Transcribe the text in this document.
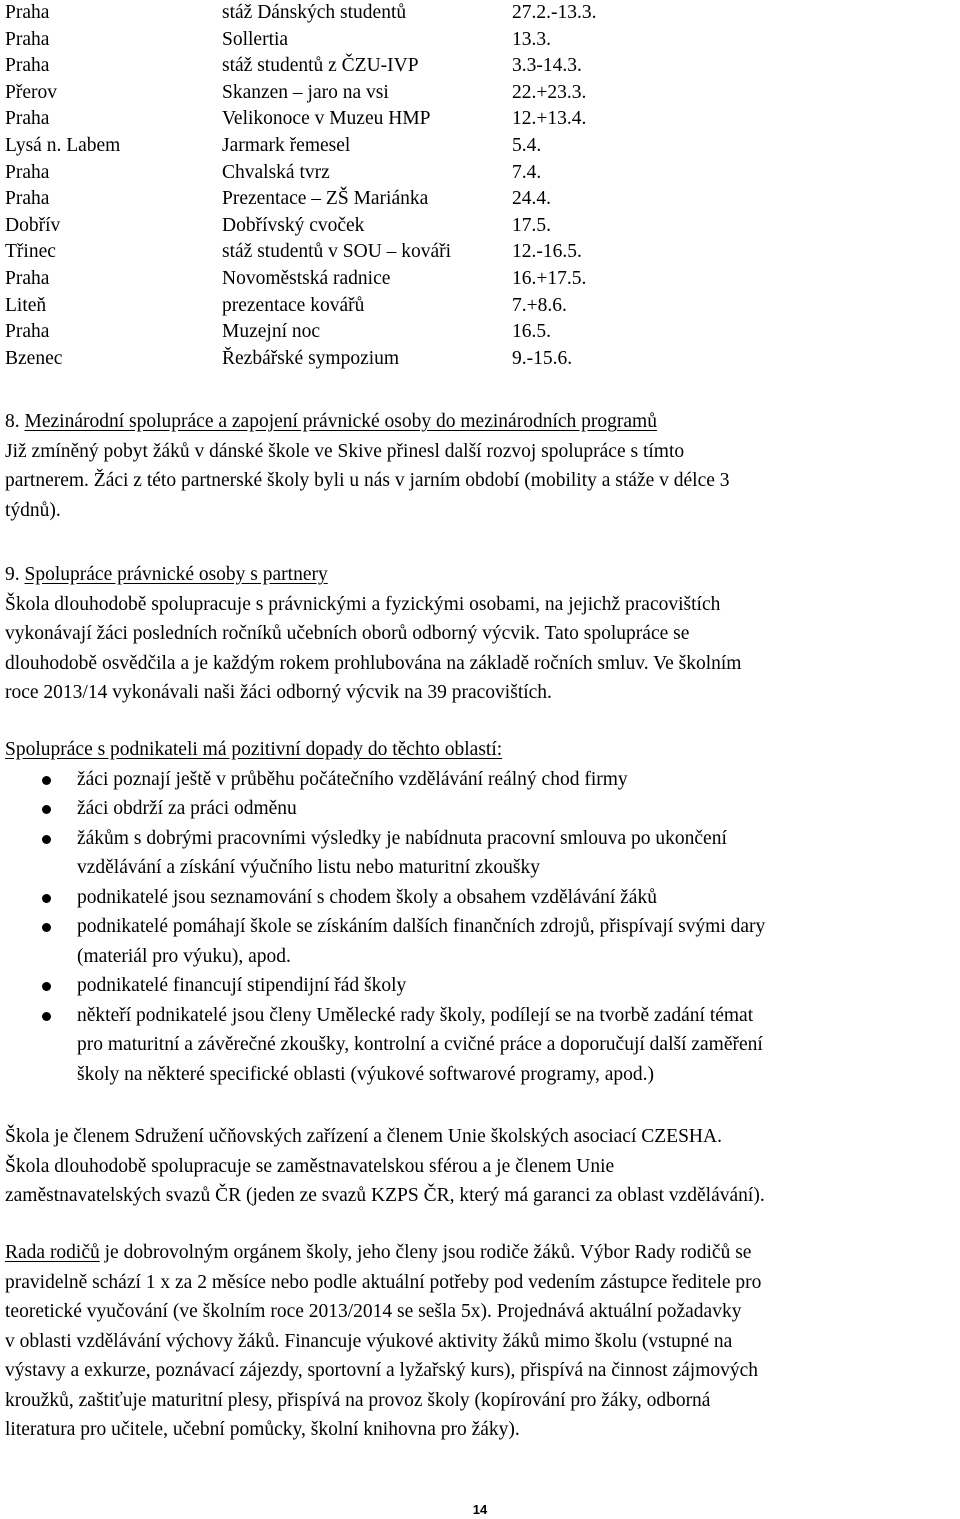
Praha	stáž Dánských studentů	27.2.-13.3.
Praha	Sollertia	13.3.
Praha	stáž studentů z ČZU-IVP	3.3-14.3.
Přerov	Skanzen – jaro na vsi	22.+23.3.
Praha	Velikonoce v Muzeu HMP	12.+13.4.
Lysá n. Labem	Jarmark řemesel	5.4.
Praha	Chvalská tvrz	7.4.
Praha	Prezentace – ZŠ Mariánka	24.4.
Dobřív	Dobřívský cvoček	17.5.
Třinec	stáž studentů v SOU – kováři	12.-16.5.
Praha	Novoměstská radnice	16.+17.5.
Liteň	prezentace kovářů	7.+8.6.
Praha	Muzejní noc	16.5.
Bzenec	Řezbářské sympozium	9.-15.6.

8. Mezinárodní spolupráce a zapojení právnické osoby do mezinárodních programů

Již zmíněný pobyt žáků v dánské škole ve Skive přinesl další rozvoj spolupráce s tímto

partnerem. Žáci z této partnerské školy byli u nás v jarním období (mobility a stáže v délce 3

týdnů).

9. Spolupráce právnické osoby s partnery

Škola dlouhodobě spolupracuje s právnickými a fyzickými osobami, na jejichž pracovištích

vykonávají žáci posledních ročníků učebních oborů odborný výcvik. Tato spolupráce se

dlouhodobě osvědčila a je každým rokem prohlubována na základě ročních smluv. Ve školním

roce 2013/14 vykonávali naši žáci odborný výcvik na 39 pracovištích.

Spolupráce s podnikateli má pozitivní dopady do těchto oblastí:

žáci poznají ještě v průběhu počátečního vzdělávání reálný chod firmy
žáci obdrží za práci odměnu
žákům s dobrými pracovními výsledky je nabídnuta pracovní smlouva po ukončení
vzdělávání a získání výučního listu nebo maturitní zkoušky
podnikatelé jsou seznamování s chodem školy a obsahem vzdělávání žáků
podnikatelé pomáhají škole se získáním dalších finančních zdrojů, přispívají svými dary
(materiál pro výuku), apod.
podnikatelé financují stipendijní řád školy
někteří podnikatelé jsou členy Umělecké rady školy, podílejí se na tvorbě zadání témat
pro maturitní a závěrečné zkoušky, kontrolní a cvičné práce a doporučují další zaměření
školy na některé specifické oblasti (výukové softwarové programy, apod.)

Škola je členem Sdružení učňovských zařízení a členem Unie školských asociací CZESHA.

Škola dlouhodobě spolupracuje se zaměstnavatelskou sférou a je členem Unie

zaměstnavatelských svazů ČR (jeden ze svazů KZPS ČR, který má garanci za oblast vzdělávání).

Rada rodičů je dobrovolným orgánem školy, jeho členy jsou rodiče žáků. Výbor Rady rodičů se

pravidelně schází 1 x za 2 měsíce nebo podle aktuální potřeby pod vedením zástupce ředitele pro

teoretické vyučování (ve školním roce 2013/2014 se sešla 5x). Projednává aktuální požadavky

v oblasti vzdělávání výchovy žáků. Financuje výukové aktivity žáků mimo školu (vstupné na

výstavy a exkurze, poznávací zájezdy, sportovní a lyžařský kurs), přispívá na činnost zájmových

kroužků, zaštiťuje maturitní plesy, přispívá na provoz školy (kopírování pro žáky, odborná

literatura pro učitele, učební pomůcky, školní knihovna pro žáky).

14
